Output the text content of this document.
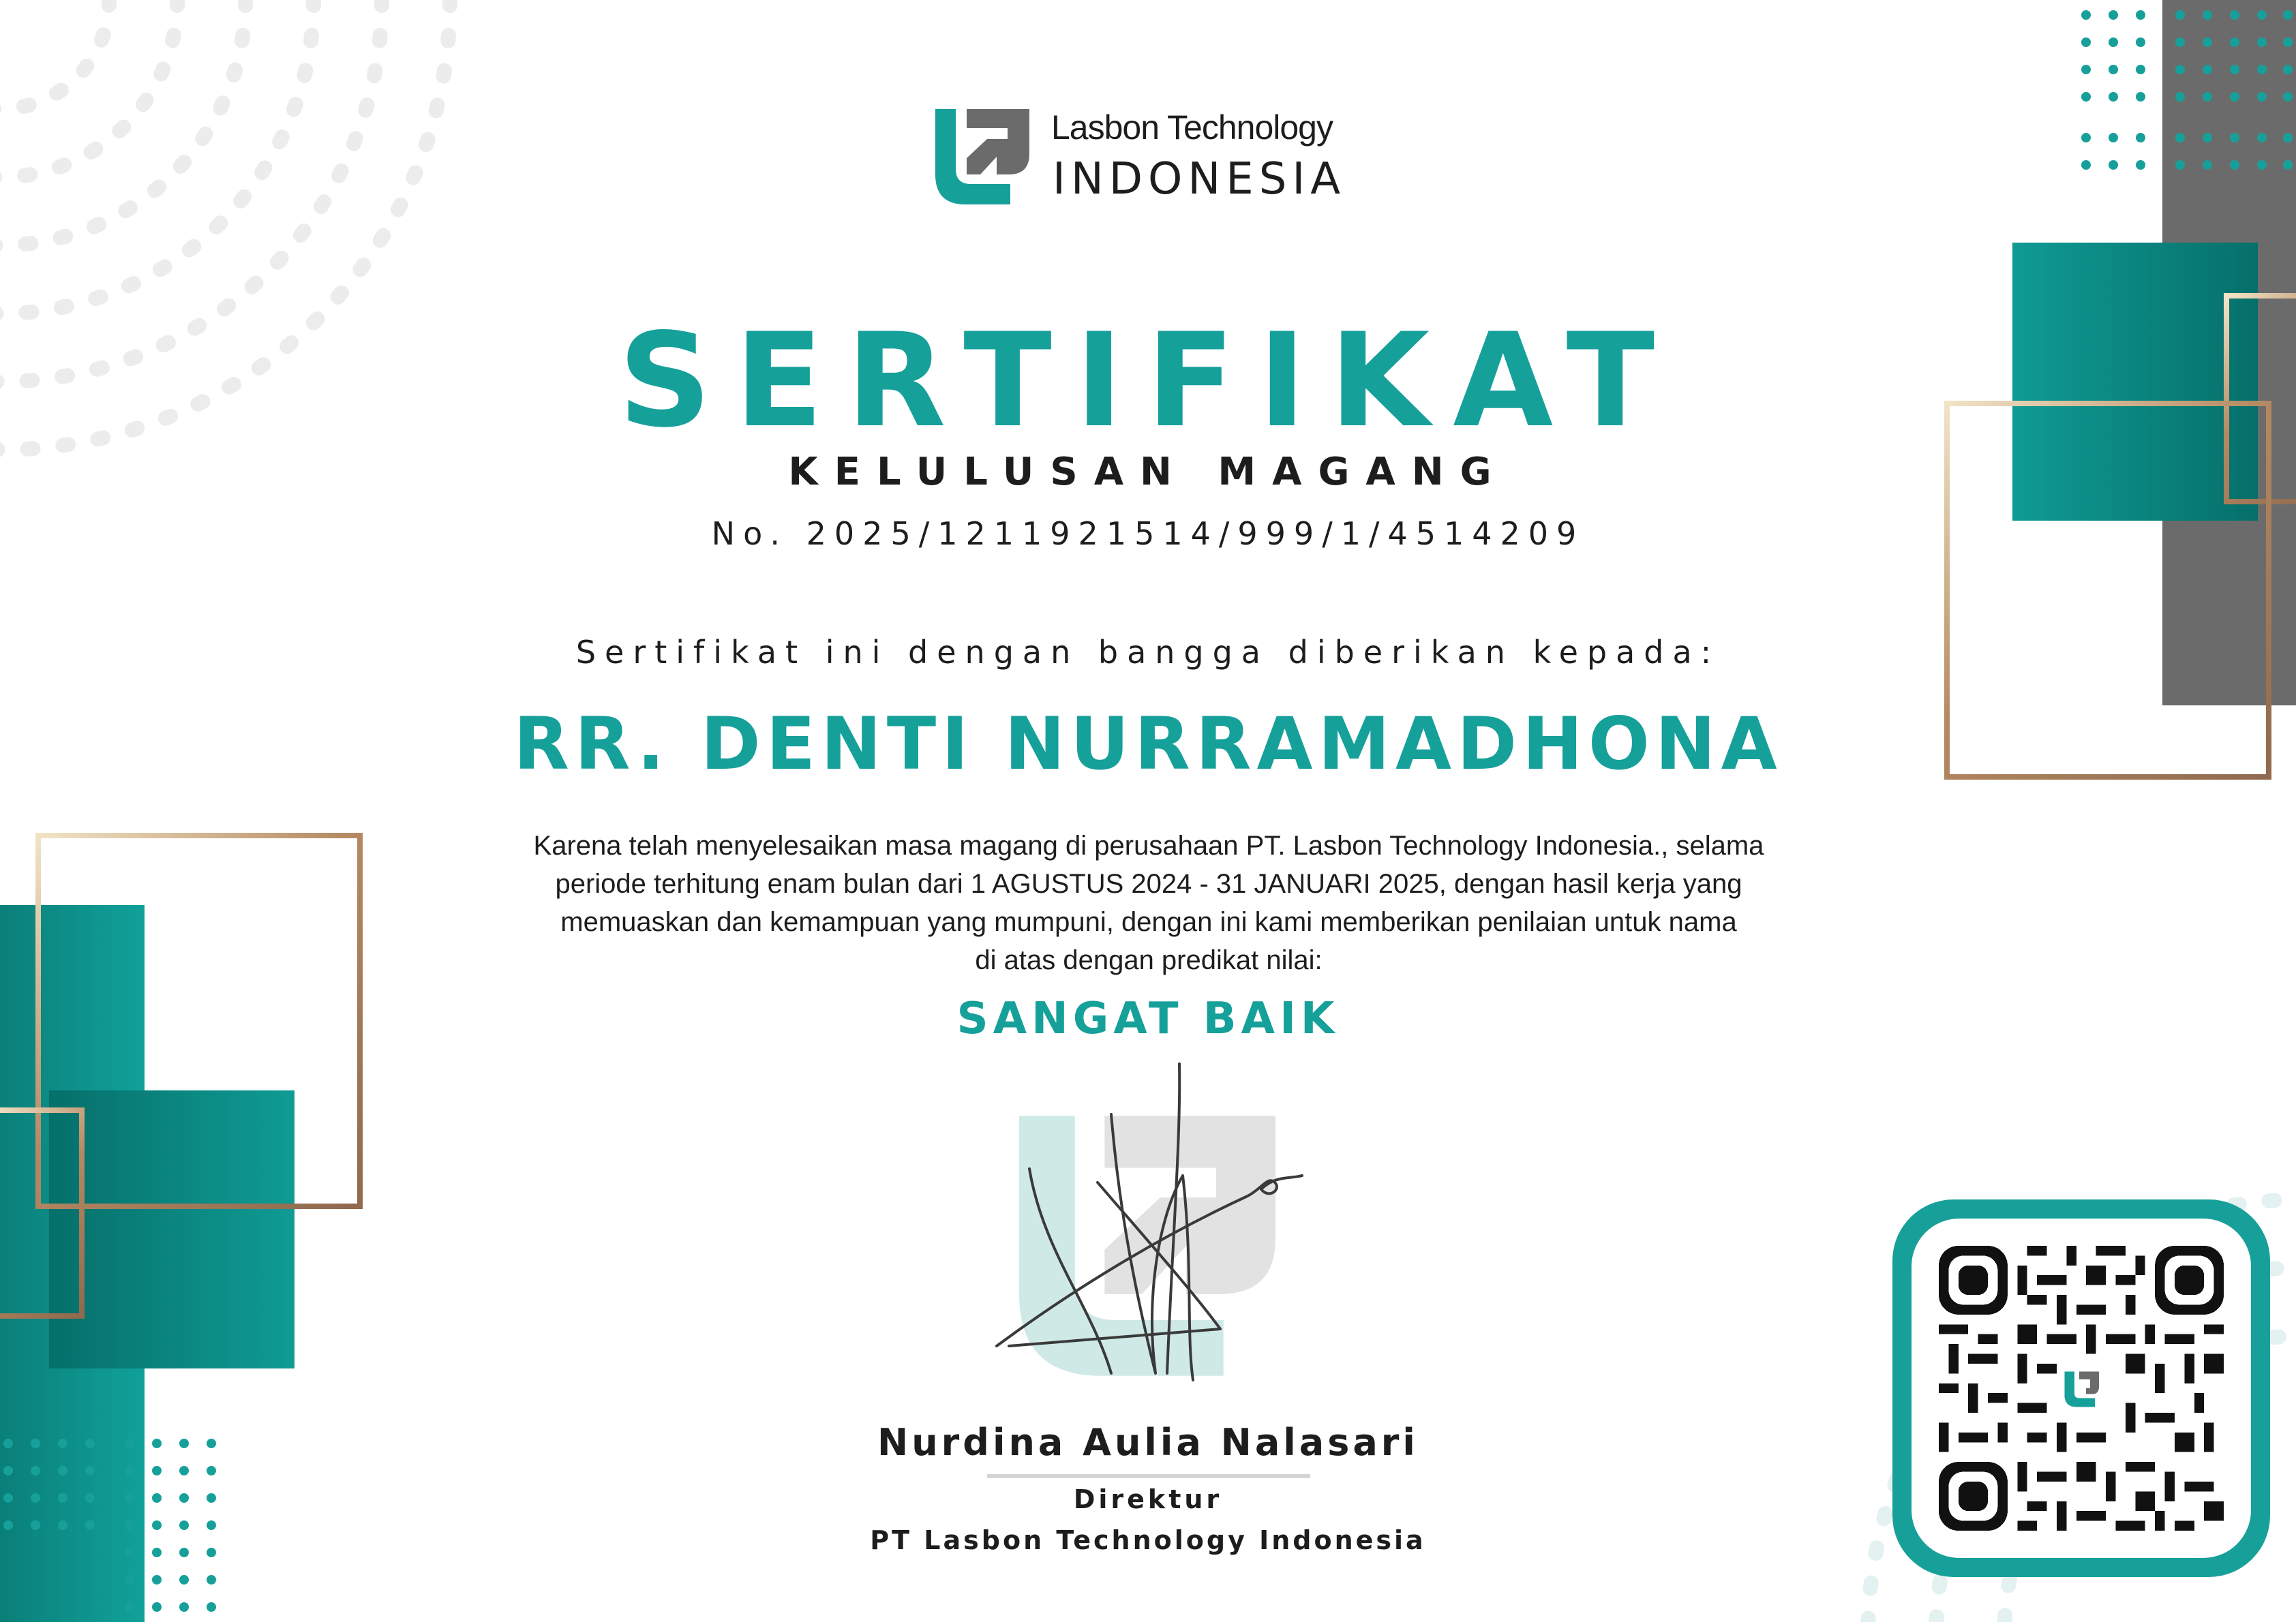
Lasbon Technology
INDONESIA
SERTIFIKAT
KELULUSAN MAGANG
No. 2025/1211921514/999/1/4514209
Sertifikat ini dengan bangga diberikan kepada:
RR. DENTI NURRAMADHONA
Karena telah menyelesaikan masa magang di perusahaan PT. Lasbon Technology Indonesia., selama
periode terhitung enam bulan dari 1 AGUSTUS 2024 - 31 JANUARI 2025, dengan hasil kerja yang
memuaskan dan kemampuan yang mumpuni, dengan ini kami memberikan penilaian untuk nama
di atas dengan predikat nilai:
SANGAT BAIK
Nurdina Aulia Nalasari
Direktur
PT Lasbon Technology Indonesia
